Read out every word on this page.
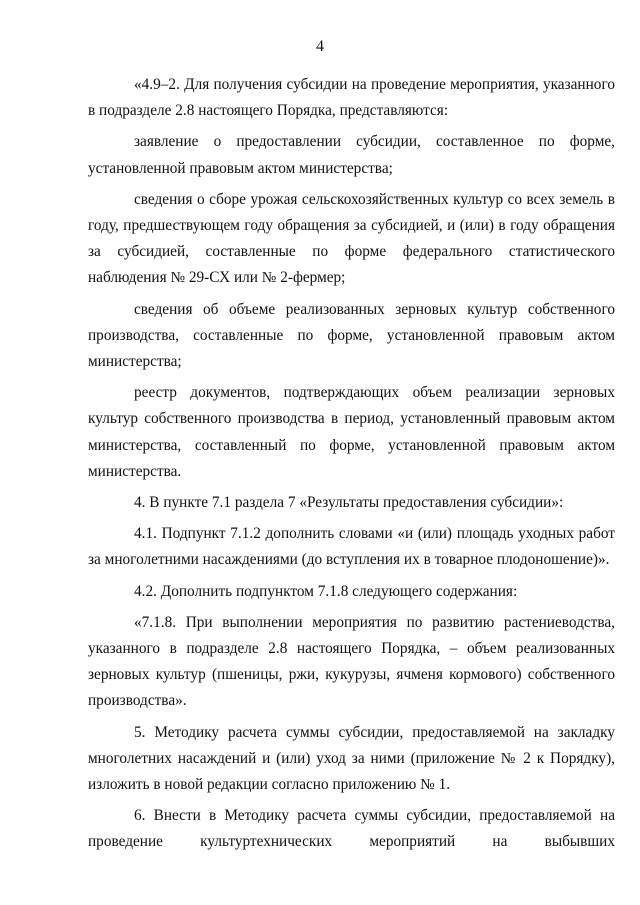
4

«4.9–2. Для получения субсидии на проведение мероприятия, указанного в подразделе 2.8 настоящего Порядка, представляются:

заявление о предоставлении субсидии, составленное по форме, установленной правовым актом министерства;

сведения о сборе урожая сельскохозяйственных культур со всех земель в году, предшествующем году обращения за субсидией, и (или) в году обращения за субсидией, составленные по форме федерального статистического наблюдения № 29-СХ или № 2-фермер;

сведения об объеме реализованных зерновых культур собственного производства, составленные по форме, установленной правовым актом министерства;

реестр документов, подтверждающих объем реализации зерновых культур собственного производства в период, установленный правовым актом министерства, составленный по форме, установленной правовым актом министерства.

4. В пункте 7.1 раздела 7 «Результаты предоставления субсидии»:

4.1. Подпункт 7.1.2 дополнить словами «и (или) площадь уходных работ за многолетними насаждениями (до вступления их в товарное плодоношение)».

4.2. Дополнить подпунктом 7.1.8 следующего содержания:

«7.1.8. При выполнении мероприятия по развитию растениеводства, указанного в подразделе 2.8 настоящего Порядка, – объем реализованных зерновых культур (пшеницы, ржи, кукурузы, ячменя кормового) собственного производства».

5. Методику расчета суммы субсидии, предоставляемой на закладку многолетних насаждений и (или) уход за ними (приложение № 2 к Порядку), изложить в новой редакции согласно приложению № 1.

6. Внести в Методику расчета суммы субсидии, предоставляемой на

проведение культуртехнических мероприятий на выбывших
